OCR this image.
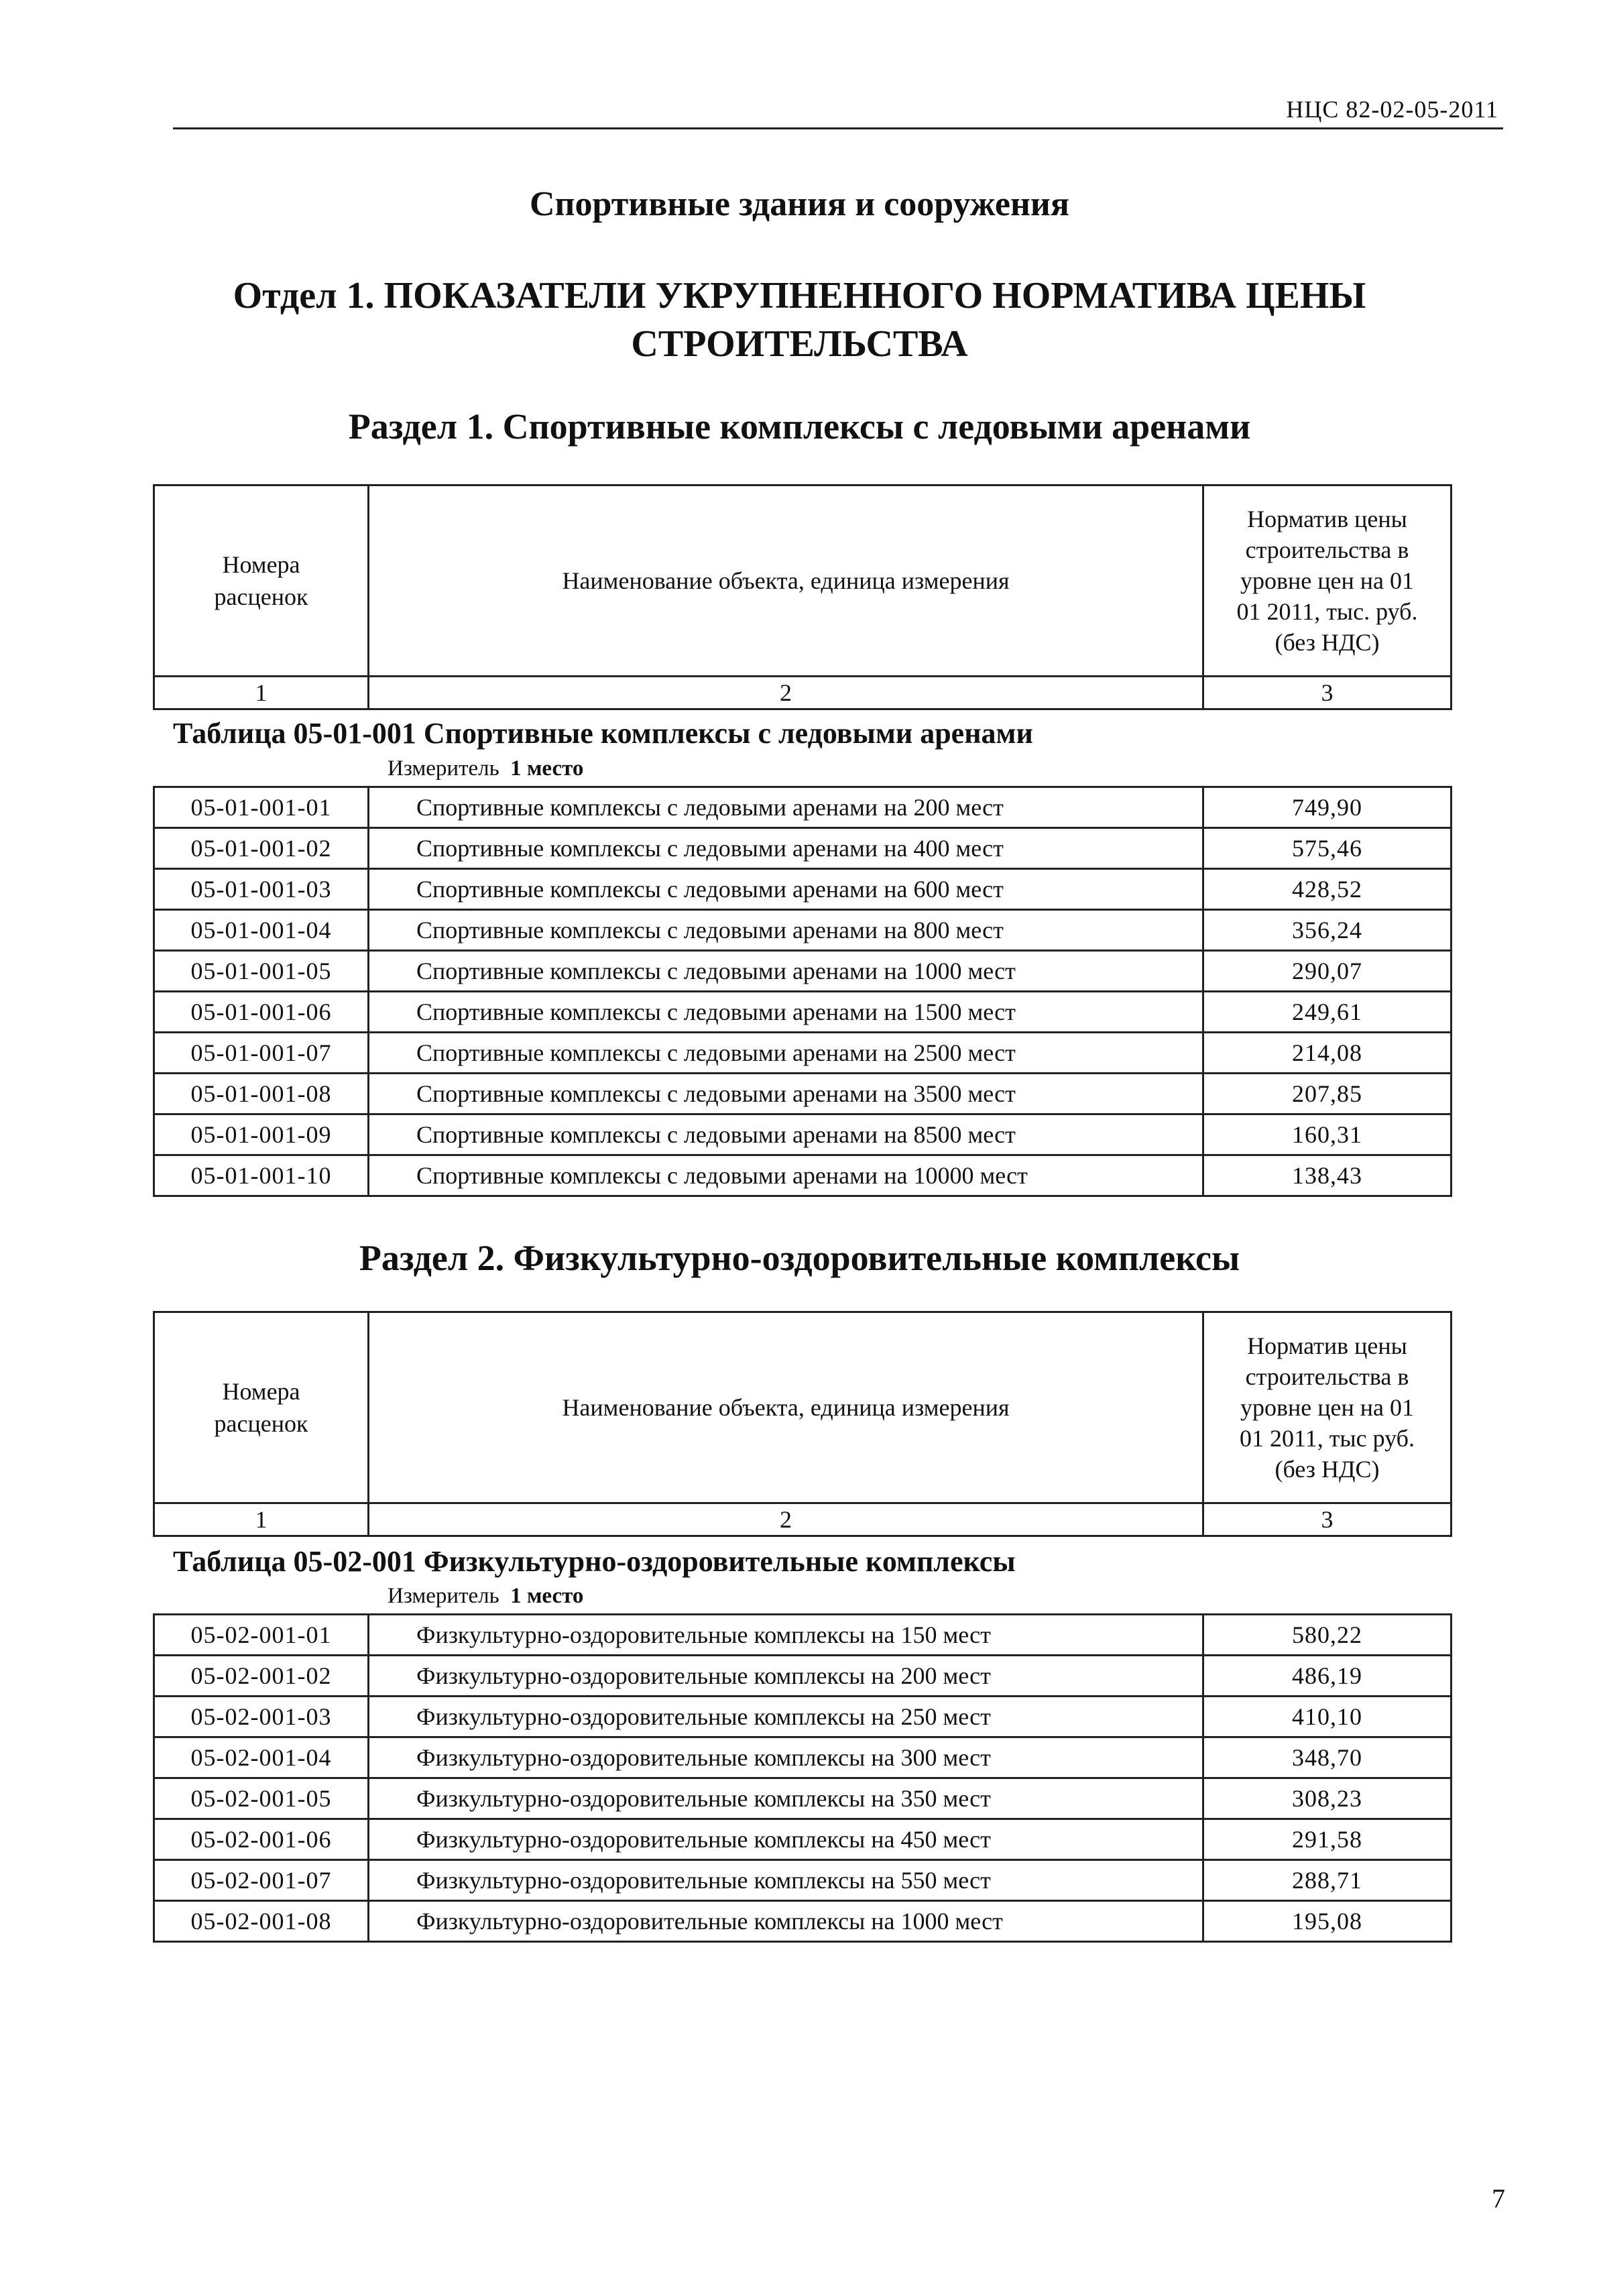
НЦС 82-02-05-2011
Спортивные здания и сооружения
Отдел 1. ПОКАЗАТЕЛИ УКРУПНЕННОГО НОРМАТИВА ЦЕНЫ СТРОИТЕЛЬСТВА
Раздел 1. Спортивные комплексы с ледовыми аренами
Номера расценок	Наименование объекта, единица измерения	Норматив цены строительства в уровне цен на 01 01 2011, тыс. руб. (без НДС)
1	2	3
Таблица 05-01-001 Спортивные комплексы с ледовыми аренами
Измеритель 1 место
05-01-001-01	Спортивные комплексы с ледовыми аренами на 200 мест	749,90
05-01-001-02	Спортивные комплексы с ледовыми аренами на 400 мест	575,46
05-01-001-03	Спортивные комплексы с ледовыми аренами на 600 мест	428,52
05-01-001-04	Спортивные комплексы с ледовыми аренами на 800 мест	356,24
05-01-001-05	Спортивные комплексы с ледовыми аренами на 1000 мест	290,07
05-01-001-06	Спортивные комплексы с ледовыми аренами на 1500 мест	249,61
05-01-001-07	Спортивные комплексы с ледовыми аренами на 2500 мест	214,08
05-01-001-08	Спортивные комплексы с ледовыми аренами на 3500 мест	207,85
05-01-001-09	Спортивные комплексы с ледовыми аренами на 8500 мест	160,31
05-01-001-10	Спортивные комплексы с ледовыми аренами на 10000 мест	138,43
Раздел 2. Физкультурно-оздоровительные комплексы
Номера расценок	Наименование объекта, единица измерения	Норматив цены строительства в уровне цен на 01 01 2011, тыс руб. (без НДС)
1	2	3
Таблица 05-02-001 Физкультурно-оздоровительные комплексы
Измеритель 1 место
05-02-001-01	Физкультурно-оздоровительные комплексы на 150 мест	580,22
05-02-001-02	Физкультурно-оздоровительные комплексы на 200 мест	486,19
05-02-001-03	Физкультурно-оздоровительные комплексы на 250 мест	410,10
05-02-001-04	Физкультурно-оздоровительные комплексы на 300 мест	348,70
05-02-001-05	Физкультурно-оздоровительные комплексы на 350 мест	308,23
05-02-001-06	Физкультурно-оздоровительные комплексы на 450 мест	291,58
05-02-001-07	Физкультурно-оздоровительные комплексы на 550 мест	288,71
05-02-001-08	Физкультурно-оздоровительные комплексы на 1000 мест	195,08
7
